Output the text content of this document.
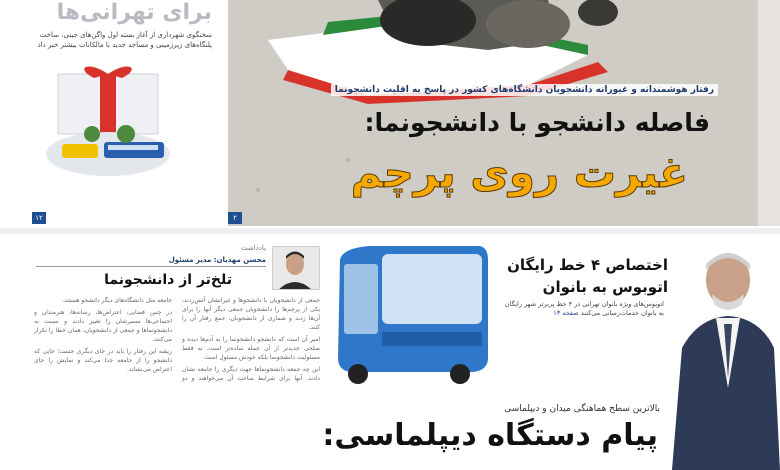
برای تهرانی‌ها
سخنگوی شهرداری از آغاز بسته اول واگن‌های جینی، ساخت پلنگاه‌های زیرزمینی و مساجد جدید با مالکانات بیشتر خبر داد
۱۲
رفتار هوشمندانه و غیورانه دانشجویان دانشگاه‌های کشور در پاسخ به اقلیت دانشجونما
فاصله دانشجو با دانشجونما:
غیرت روی پرچم
۲
یادداشت
محسن مهدیان: مدیر مسئول
تلخ‌تر از دانشجونما

جمعی از دانشجویان با دانشجوها و غیرانشان آتش‌زدند، یکی از پرچم‌ها را دانشجویان جمعی دیگر آنها را برای آن‌ها زدند و شماری از دانشجویان، جمع رفتار آن را کنند.

امیر آن است که دانشجو دانشجونما را به آدم‌ها دیده و صلحی جدیدتر از آن جمله ساده‌تر است، نه فقط مسئولیت دانشجونما بلکه خودش مسئول است.

این چه جمعه دانشجونماها جهت دیگری را جامعه نشان دادند. آنها برای شرایط ساخت آن می‌خواهند و دو جامعه مثل دانشگاه‌های دیگر دانشجو هستند.

در چنین فضایی، اعتراض‌ها، رسانه‌ها، هنرمندان و اجتماعی‌ها مسیرشان را تغییر دادند و نسبت به دانشجونماها و جمعی از دانشجویان، همان خطا را تکرار می‌کنند.

ریشه این رفتار را باید در جای دیگری جست؛ جایی که دانشجو را از جامعه جدا می‌کند و نمایش را جای اعتراض می‌نشاند.

اختصاص ۴ خط رایگان
اتوبوس به بانوان
اتوبوس‌های ویژه بانوان تهرانی در ۴ خط پربرتر شهر رایگان به بانوان خدمات‌رسانی می‌کنند صفحه ۱۳
بالاترین سطح هماهنگی میدان و دیپلماسی
پیام دستگاه دیپلماسی:
